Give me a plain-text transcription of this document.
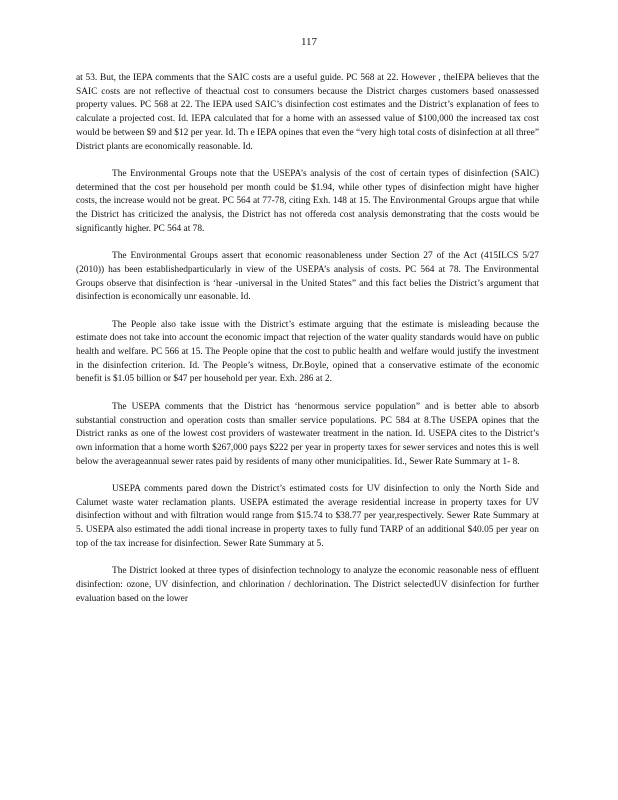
117

at 53. But, the IEPA comments that the SAIC costs are a useful guide. PC 568 at 22. However , theIEPA believes that the SAIC costs are not reflective of theactual cost to consumers because the District charges customers based onassessed property values. PC 568 at 22. The IEPA used SAIC’s disinfection cost estimates and the District’s explanation of fees to calculate a projected cost. Id. IEPA calculated that for a home with an assessed value of $100,000 the increased tax cost would be between $9 and $12 per year. Id. Th e IEPA opines that even the “very high total costs of disinfection at all three” District plants are economically reasonable. Id.

The Environmental Groups note that the USEPA’s analysis of the cost of certain types of disinfection (SAIC) determined that the cost per household per month could be $1.94, while other types of disinfection might have higher costs, the increase would not be great. PC 564 at 77-78, citing Exh. 148 at 15. The Environmental Groups argue that while the District has criticized the analysis, the District has not offereda cost analysis demonstrating that the costs would be significantly higher. PC 564 at 78.

The Environmental Groups assert that economic reasonableness under Section 27 of the Act (415ILCS 5/27 (2010)) has been establishedparticularly in view of the USEPA’s analysis of costs. PC 564 at 78. The Environmental Groups observe that disinfection is ‘hear -universal in the United States” and this fact belies the District’s argument that disinfection is economically unr easonable. Id.

The People also take issue with the District’s estimate arguing that the estimate is misleading because the estimate does not take into account the economic impact that rejection of the water quality standards would have on public health and welfare. PC 566 at 15. The People opine that the cost to public health and welfare would justify the investment in the disinfection criterion. Id. The People’s witness, Dr.Boyle, opined that a conservative estimate of the economic benefit is $1.05 billion or $47 per household per year. Exh. 286 at 2.

The USEPA comments that the District has ‘henormous service population” and is better able to absorb substantial construction and operation costs than smaller service populations. PC 584 at 8.The USEPA opines that the District ranks as one of the lowest cost providers of wastewater treatment in the nation. Id. USEPA cites to the District’s own information that a home worth $267,000 pays $222 per year in property taxes for sewer services and notes this is well below the averageannual sewer rates paid by residents of many other municipalities. Id., Sewer Rate Summary at 1- 8.

USEPA comments pared down the District’s estimated costs for UV disinfection to only the North Side and Calumet waste water reclamation plants. USEPA estimated the average residential increase in property taxes for UV disinfection without and with filtration would range from $15.74 to $38.77 per year,respectively. Sewer Rate Summary at 5. USEPA also estimated the addi tional increase in property taxes to fully fund TARP of an additional $40.05 per year on top of the tax increase for disinfection. Sewer Rate Summary at 5.

The District looked at three types of disinfection technology to analyze the economic reasonable ness of effluent disinfection: ozone, UV disinfection, and chlorination / dechlorination. The District selectedUV disinfection for further evaluation based on the lower
